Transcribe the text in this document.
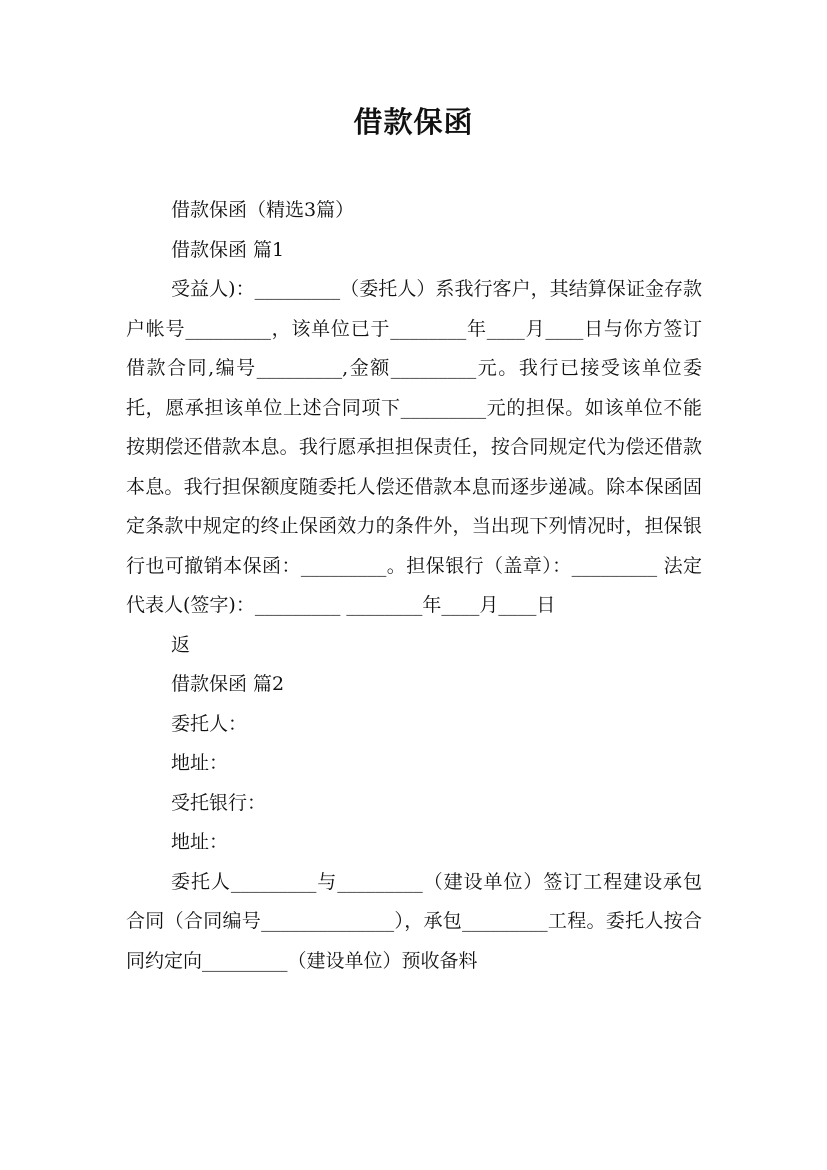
借款保函

借款保函（精选3篇）

借款保函 篇1

受益人)：_________（委托人）系我行客户，其结算保证金存款户帐号_________，该单位已于________年____月____日与你方签订借款合同,编号_________,金额_________元。我行已接受该单位委托，愿承担该单位上述合同项下_________元的担保。如该单位不能按期偿还借款本息。我行愿承担担保责任，按合同规定代为偿还借款本息。我行担保额度随委托人偿还借款本息而逐步递减。除本保函固定条款中规定的终止保函效力的条件外，当出现下列情况时，担保银行也可撤销本保函：_________。担保银行（盖章）：_________ 法定代表人(签字)：_________ ________年____月____日

返

借款保函 篇2

委托人：

地址：

受托银行：

地址：

委托人_________与_________（建设单位）签订工程建设承包合同（合同编号______________），承包_________工程。委托人按合同约定向_________（建设单位）预收备料
